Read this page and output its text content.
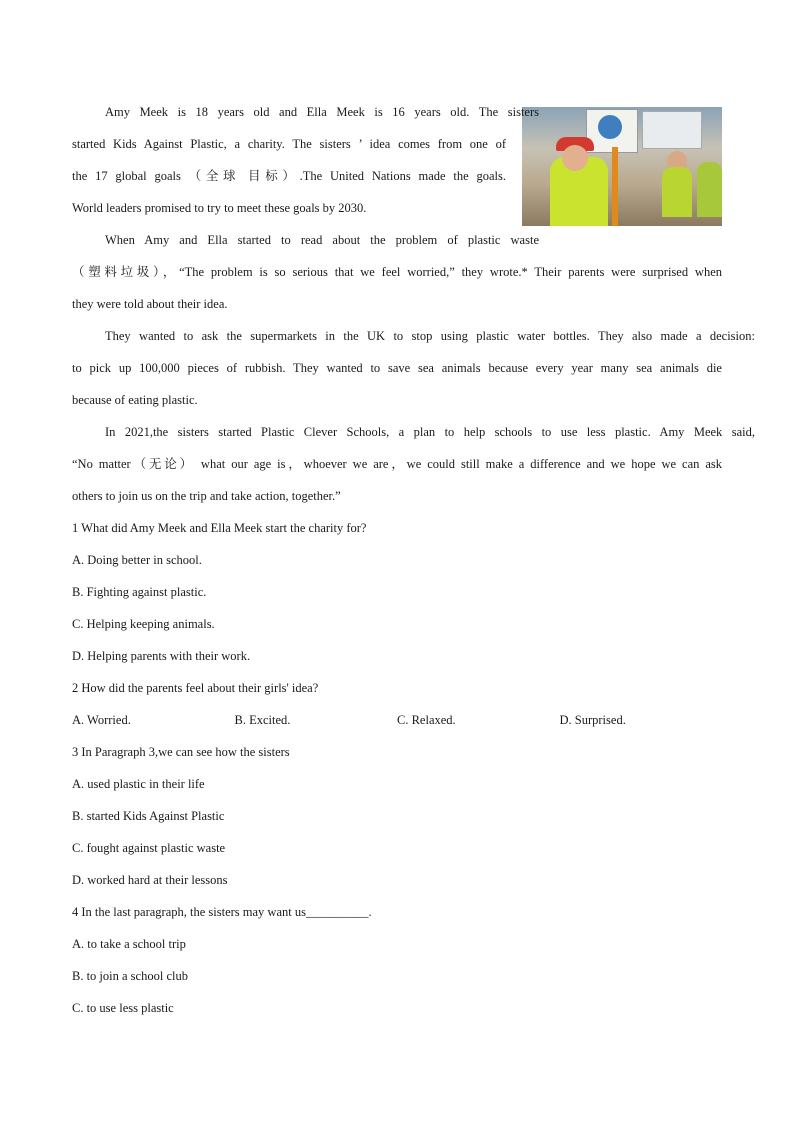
Amy Meek is 18 years old and Ella Meek is 16 years old. The sisters

started Kids Against Plastic, a charity. The sisters ’ idea comes from one of

the 17 global goals （全球 目标）.The United Nations made the goals.

World leaders promised to try to meet these goals by 2030.

When Amy and Ella started to read about the problem of plastic waste

（塑料垃圾），“The problem is so serious that we feel worried,” they wrote.* Their parents were surprised when

they were told about their idea.

They wanted to ask the supermarkets in the UK to stop using plastic water bottles. They also made a decision:

to pick up 100,000 pieces of rubbish. They wanted to save sea animals because every year many sea animals die

because of eating plastic.

In 2021,the sisters started Plastic Clever Schools, a plan to help schools to use less plastic. Amy Meek said,

“No matter（无论） what our age is，whoever we are，we could still make a difference and we hope we can ask

others to join us on the trip and take action, together.”

1 What did Amy Meek and Ella Meek start the charity for?

A. Doing better in school.

B. Fighting against plastic.

C. Helping keeping animals.

D. Helping parents with their work.

2 How did the parents feel about their girls' idea?

A. Worried.	B. Excited.	C. Relaxed.	D. Surprised.

3 In Paragraph 3,we can see how the sisters

A. used plastic in their life

B. started Kids Against Plastic

C. fought against plastic waste

D. worked hard at their lessons

4 In the last paragraph, the sisters may want us__________.

A. to take a school trip

B. to join a school club

C. to use less plastic
